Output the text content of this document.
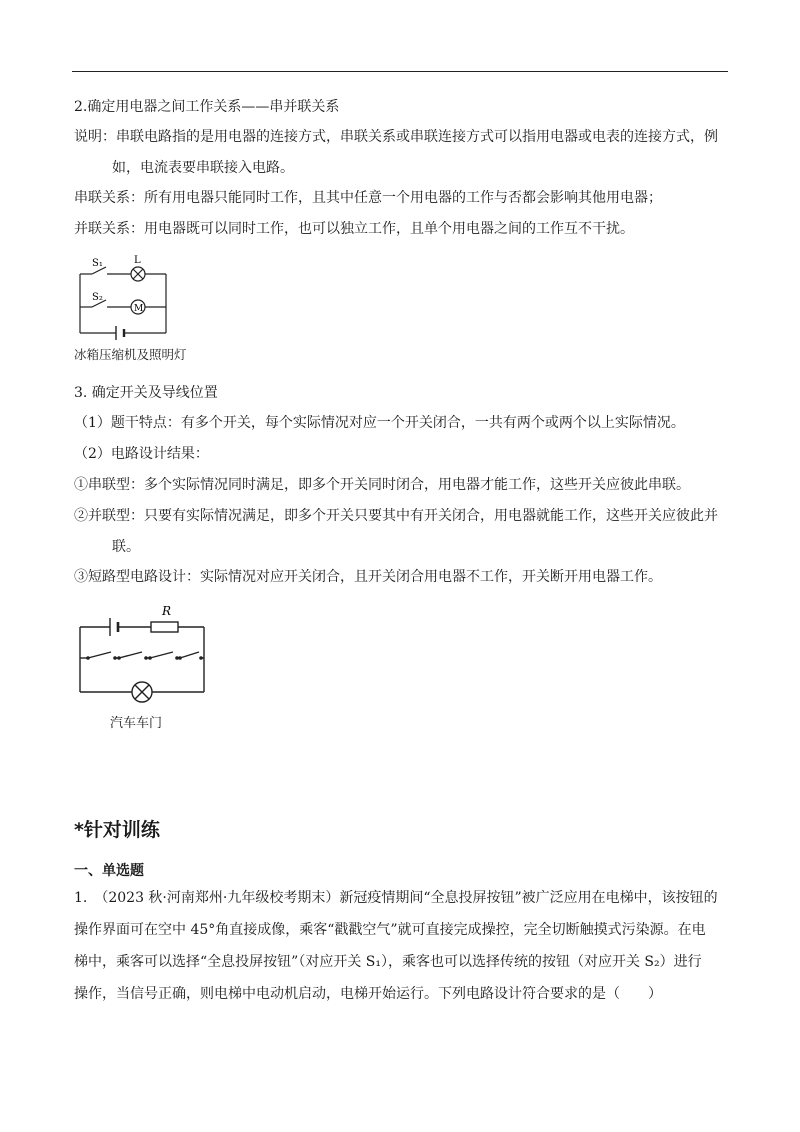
2.确定用电器之间工作关系——串并联关系
说明：串联电路指的是用电器的连接方式，串联关系或串联连接方式可以指用电器或电表的连接方式，例
如，电流表要串联接入电路。
串联关系：所有用电器只能同时工作，且其中任意一个用电器的工作与否都会影响其他用电器；
并联关系：用电器既可以同时工作，也可以独立工作，且单个用电器之间的工作互不干扰。
S₁	L
S₂
M
冰箱压缩机及照明灯
3. 确定开关及导线位置
（1）题干特点：有多个开关，每个实际情况对应一个开关闭合，一共有两个或两个以上实际情况。
（2）电路设计结果：
①串联型：多个实际情况同时满足，即多个开关同时闭合，用电器才能工作，这些开关应彼此串联。
②并联型：只要有实际情况满足，即多个开关只要其中有开关闭合，用电器就能工作，这些开关应彼此并
联。
③短路型电路设计：实际情况对应开关闭合，且开关闭合用电器不工作，开关断开用电器工作。
R
汽车车门
*针对训练
一、单选题
1.　（2023 秋·河南郑州·九年级校考期末）新冠疫情期间“全息投屏按钮”被广泛应用在电梯中，该按钮的
操作界面可在空中 45°角直接成像，乘客“戳戳空气”就可直接完成操控，完全切断触摸式污染源。在电
梯中，乘客可以选择“全息投屏按钮”（对应开关 S₁），乘客也可以选择传统的按钮（对应开关 S₂）进行
操作，当信号正确，则电梯中电动机启动，电梯开始运行。下列电路设计符合要求的是（　　）
